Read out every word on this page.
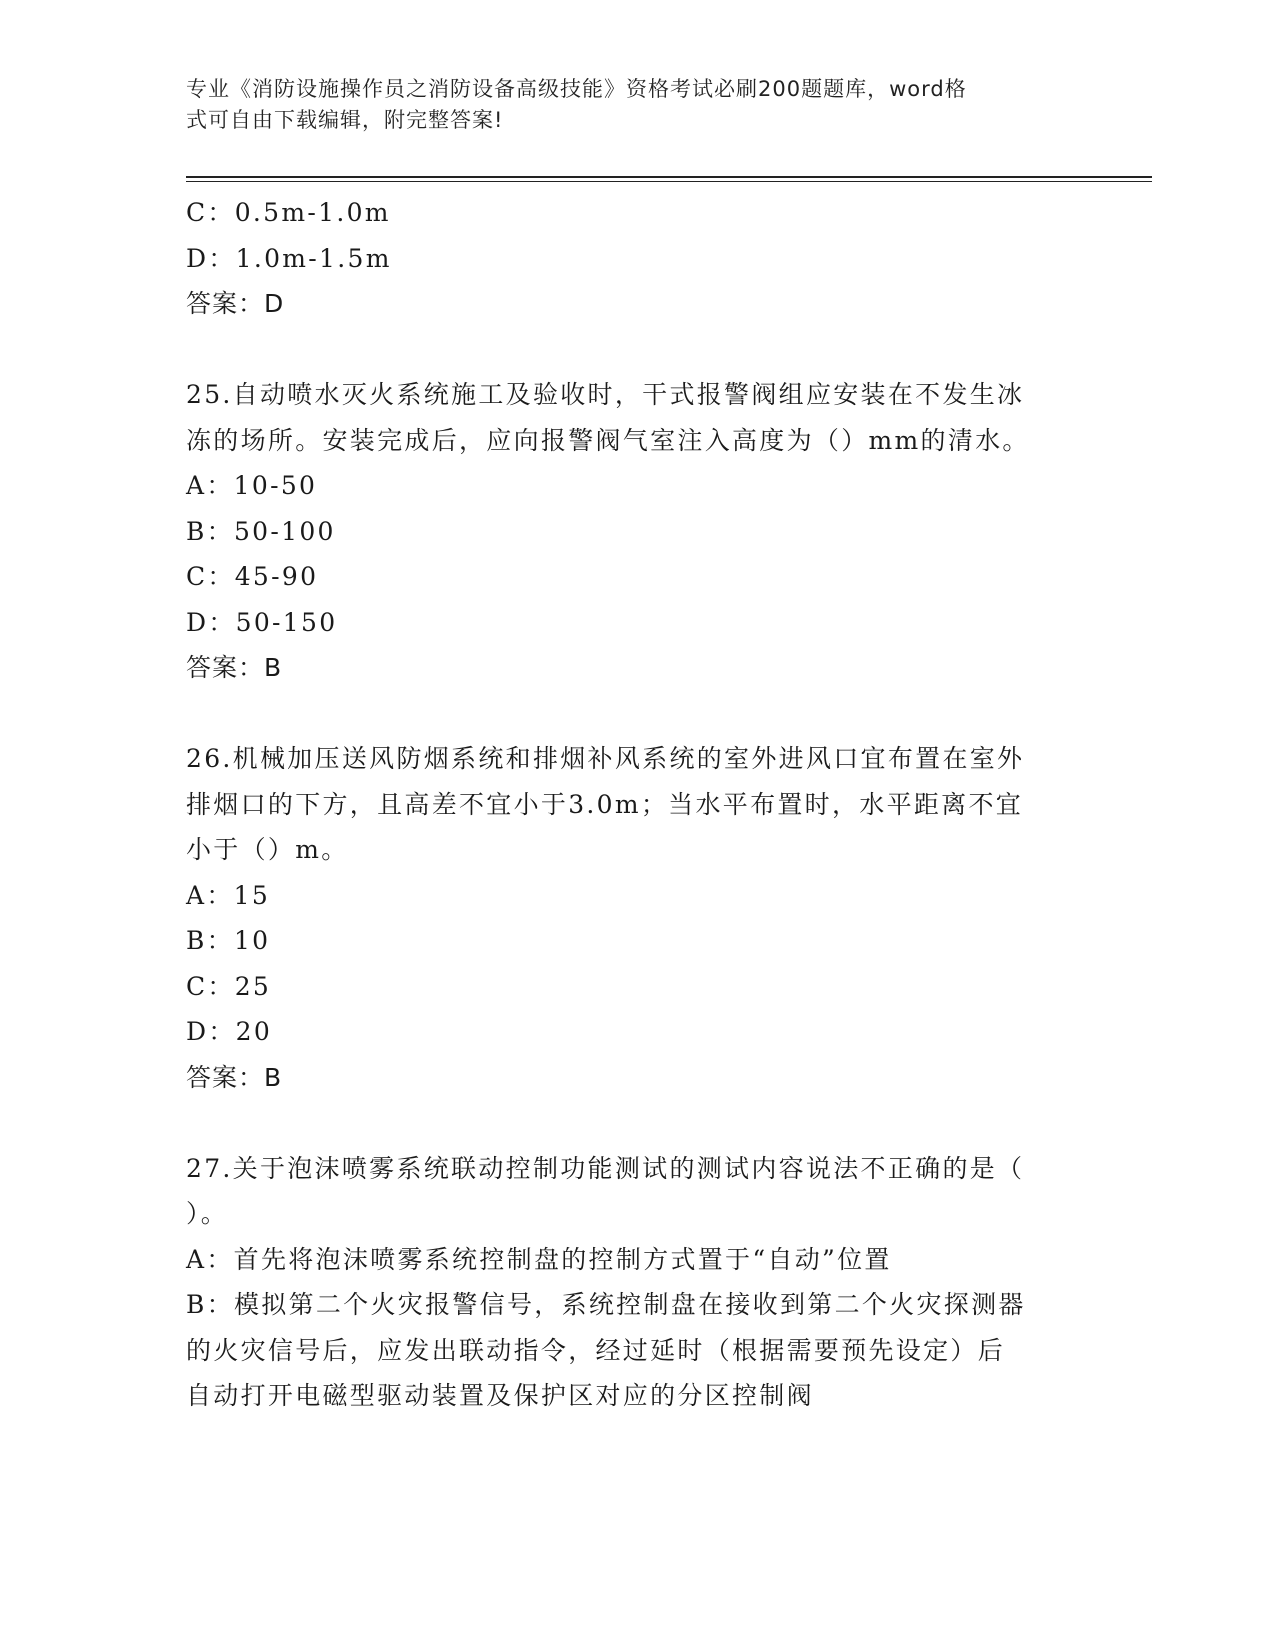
专业《消防设施操作员之消防设备高级技能》资格考试必刷200题题库，word格
式可自由下载编辑，附完整答案!
C：0.5m-1.0m
D：1.0m-1.5m
答案：D
25.自动喷水灭火系统施工及验收时，干式报警阀组应安装在不发生冰
冻的场所。安装完成后，应向报警阀气室注入高度为（）mm的清水。
A：10-50
B：50-100
C：45-90
D：50-150
答案：B
26.机械加压送风防烟系统和排烟补风系统的室外进风口宜布置在室外
排烟口的下方，且高差不宜小于3.0m；当水平布置时，水平距离不宜
小于（）m。
A：15
B：10
C：25
D：20
答案：B
27.关于泡沫喷雾系统联动控制功能测试的测试内容说法不正确的是（
）。
A：首先将泡沫喷雾系统控制盘的控制方式置于“自动”位置
B：模拟第二个火灾报警信号，系统控制盘在接收到第二个火灾探测器
的火灾信号后，应发出联动指令，经过延时（根据需要预先设定）后
自动打开电磁型驱动装置及保护区对应的分区控制阀
